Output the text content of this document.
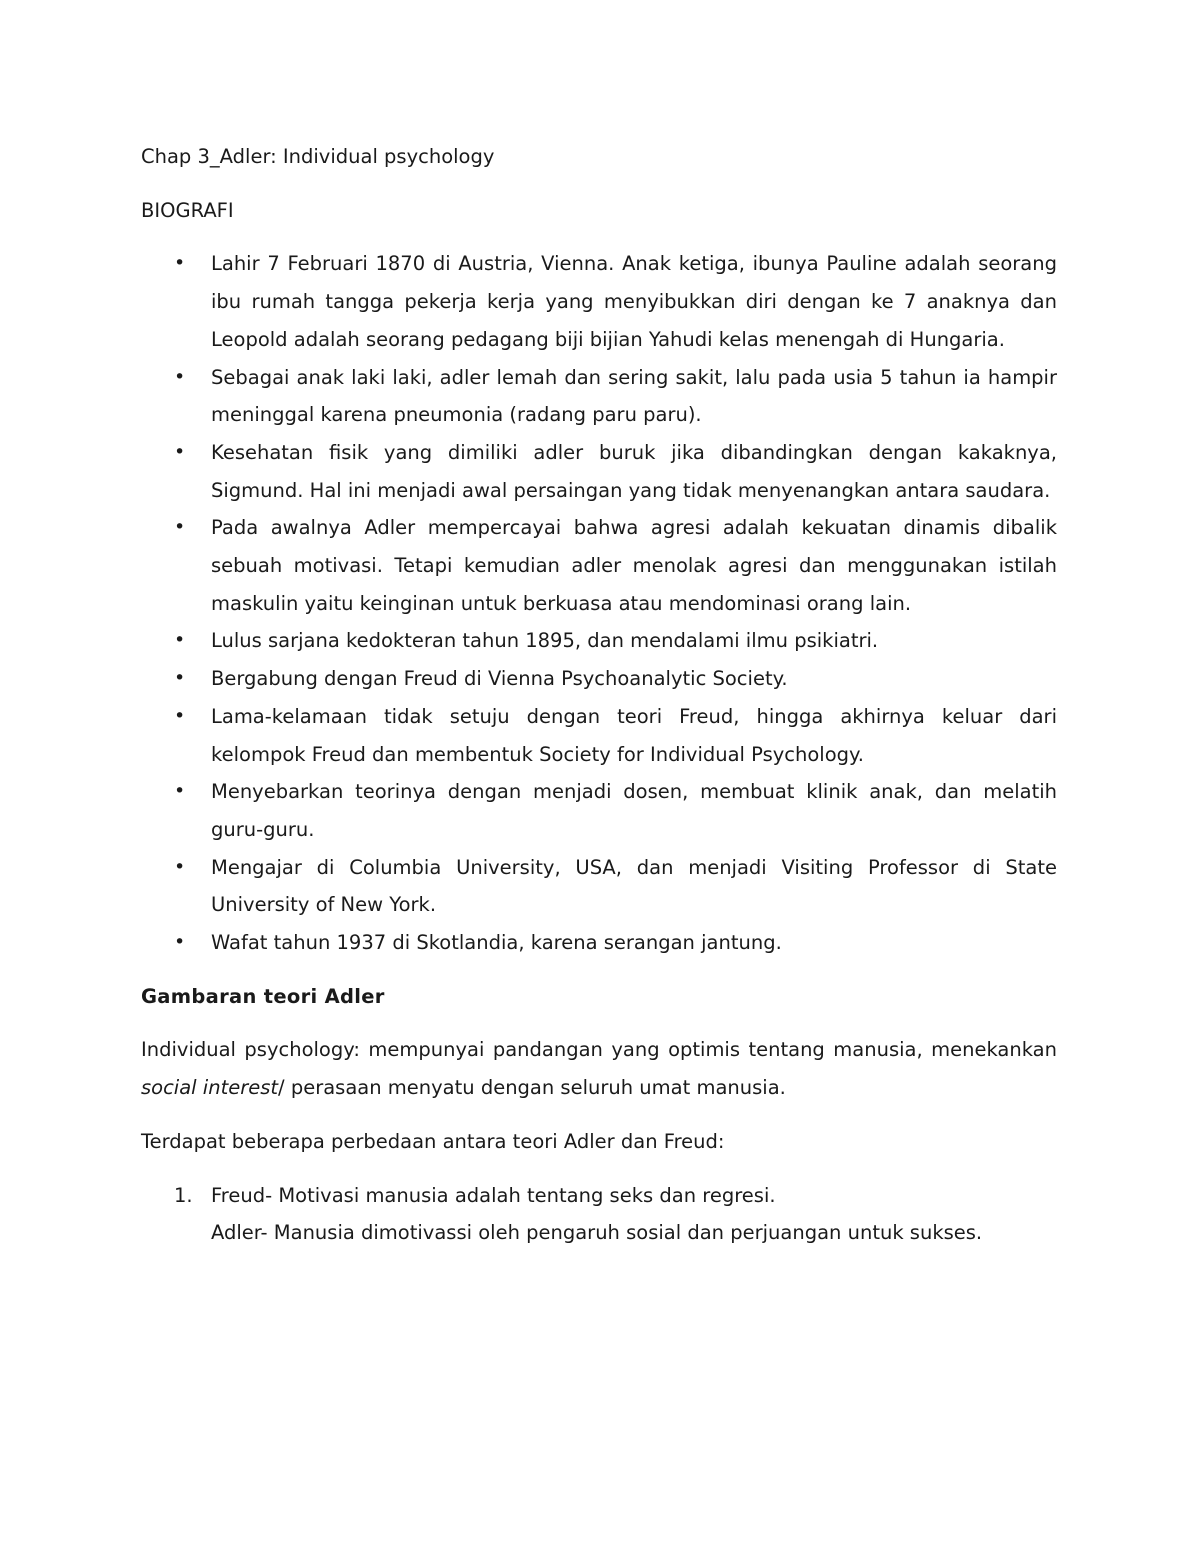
Chap 3_Adler: Individual psychology
BIOGRAFI
• Lahir 7 Februari 1870 di Austria, Vienna. Anak ketiga, ibunya Pauline adalah seorang ibu rumah tangga pekerja kerja yang menyibukkan diri dengan ke 7 anaknya dan Leopold adalah seorang pedagang biji bijian Yahudi kelas menengah di Hungaria.
• Sebagai anak laki laki, adler lemah dan sering sakit, lalu pada usia 5 tahun ia hampir meninggal karena pneumonia (radang paru paru).
• Kesehatan fisik yang dimiliki adler buruk jika dibandingkan dengan kakaknya, Sigmund. Hal ini menjadi awal persaingan yang tidak menyenangkan antara saudara.
• Pada awalnya Adler mempercayai bahwa agresi adalah kekuatan dinamis dibalik sebuah motivasi. Tetapi kemudian adler menolak agresi dan menggunakan istilah maskulin yaitu keinginan untuk berkuasa atau mendominasi orang lain.
• Lulus sarjana kedokteran tahun 1895, dan mendalami ilmu psikiatri.
• Bergabung dengan Freud di Vienna Psychoanalytic Society.
• Lama-kelamaan tidak setuju dengan teori Freud, hingga akhirnya keluar dari kelompok Freud dan membentuk Society for Individual Psychology.
• Menyebarkan teorinya dengan menjadi dosen, membuat klinik anak, dan melatih guru-guru.
• Mengajar di Columbia University, USA, dan menjadi Visiting Professor di State University of New York.
• Wafat tahun 1937 di Skotlandia, karena serangan jantung.
Gambaran teori Adler

Individual psychology: mempunyai pandangan yang optimis tentang manusia, menekankan social interest/ perasaan menyatu dengan seluruh umat manusia.

Terdapat beberapa perbedaan antara teori Adler dan Freud:

1. Freud- Motivasi manusia adalah tentang seks dan regresi.
Adler- Manusia dimotivassi oleh pengaruh sosial dan perjuangan untuk sukses.
